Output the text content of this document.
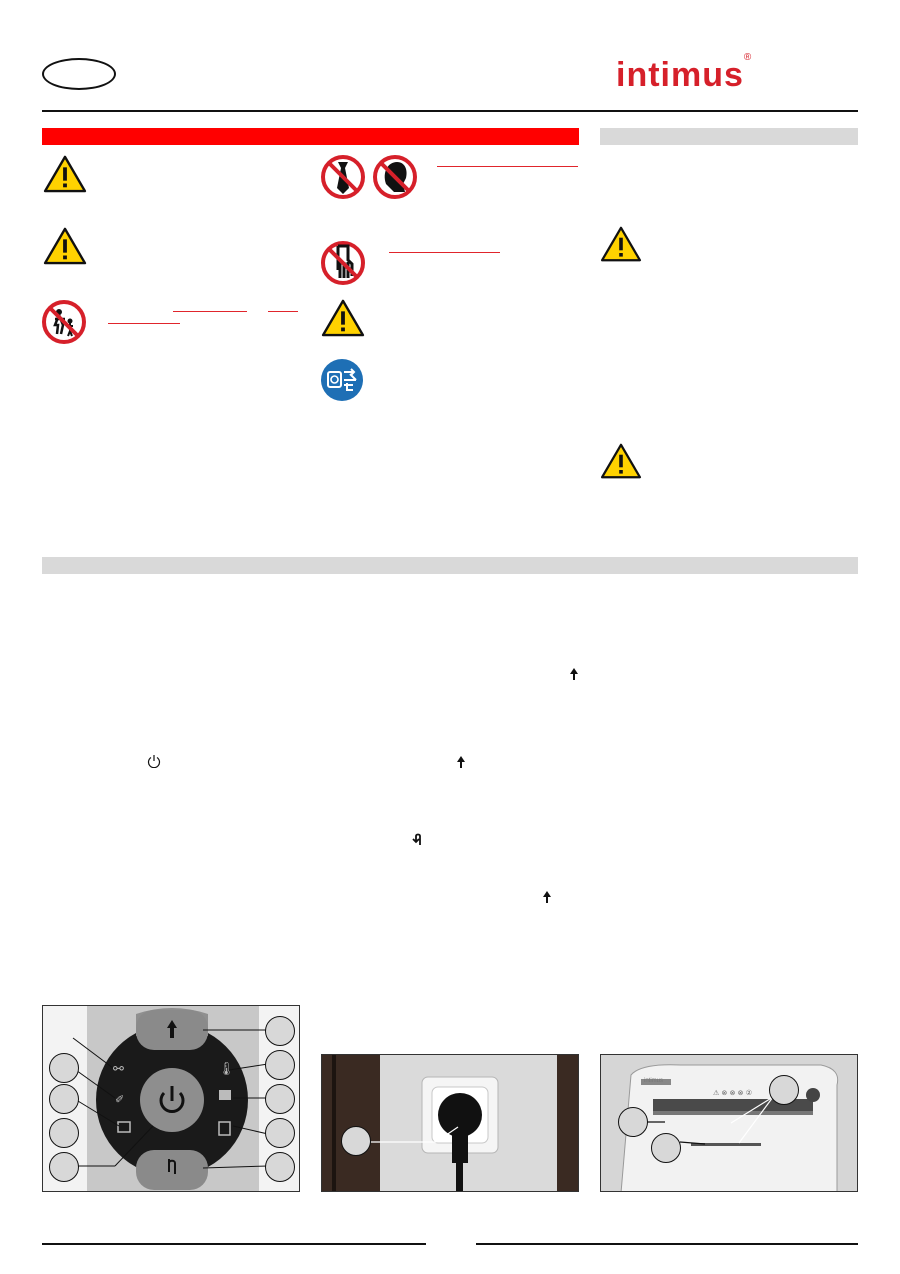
intimus®
⚯
✐
🌡
⚠ ⊗ ⊗ ⊗ ②
intimus
